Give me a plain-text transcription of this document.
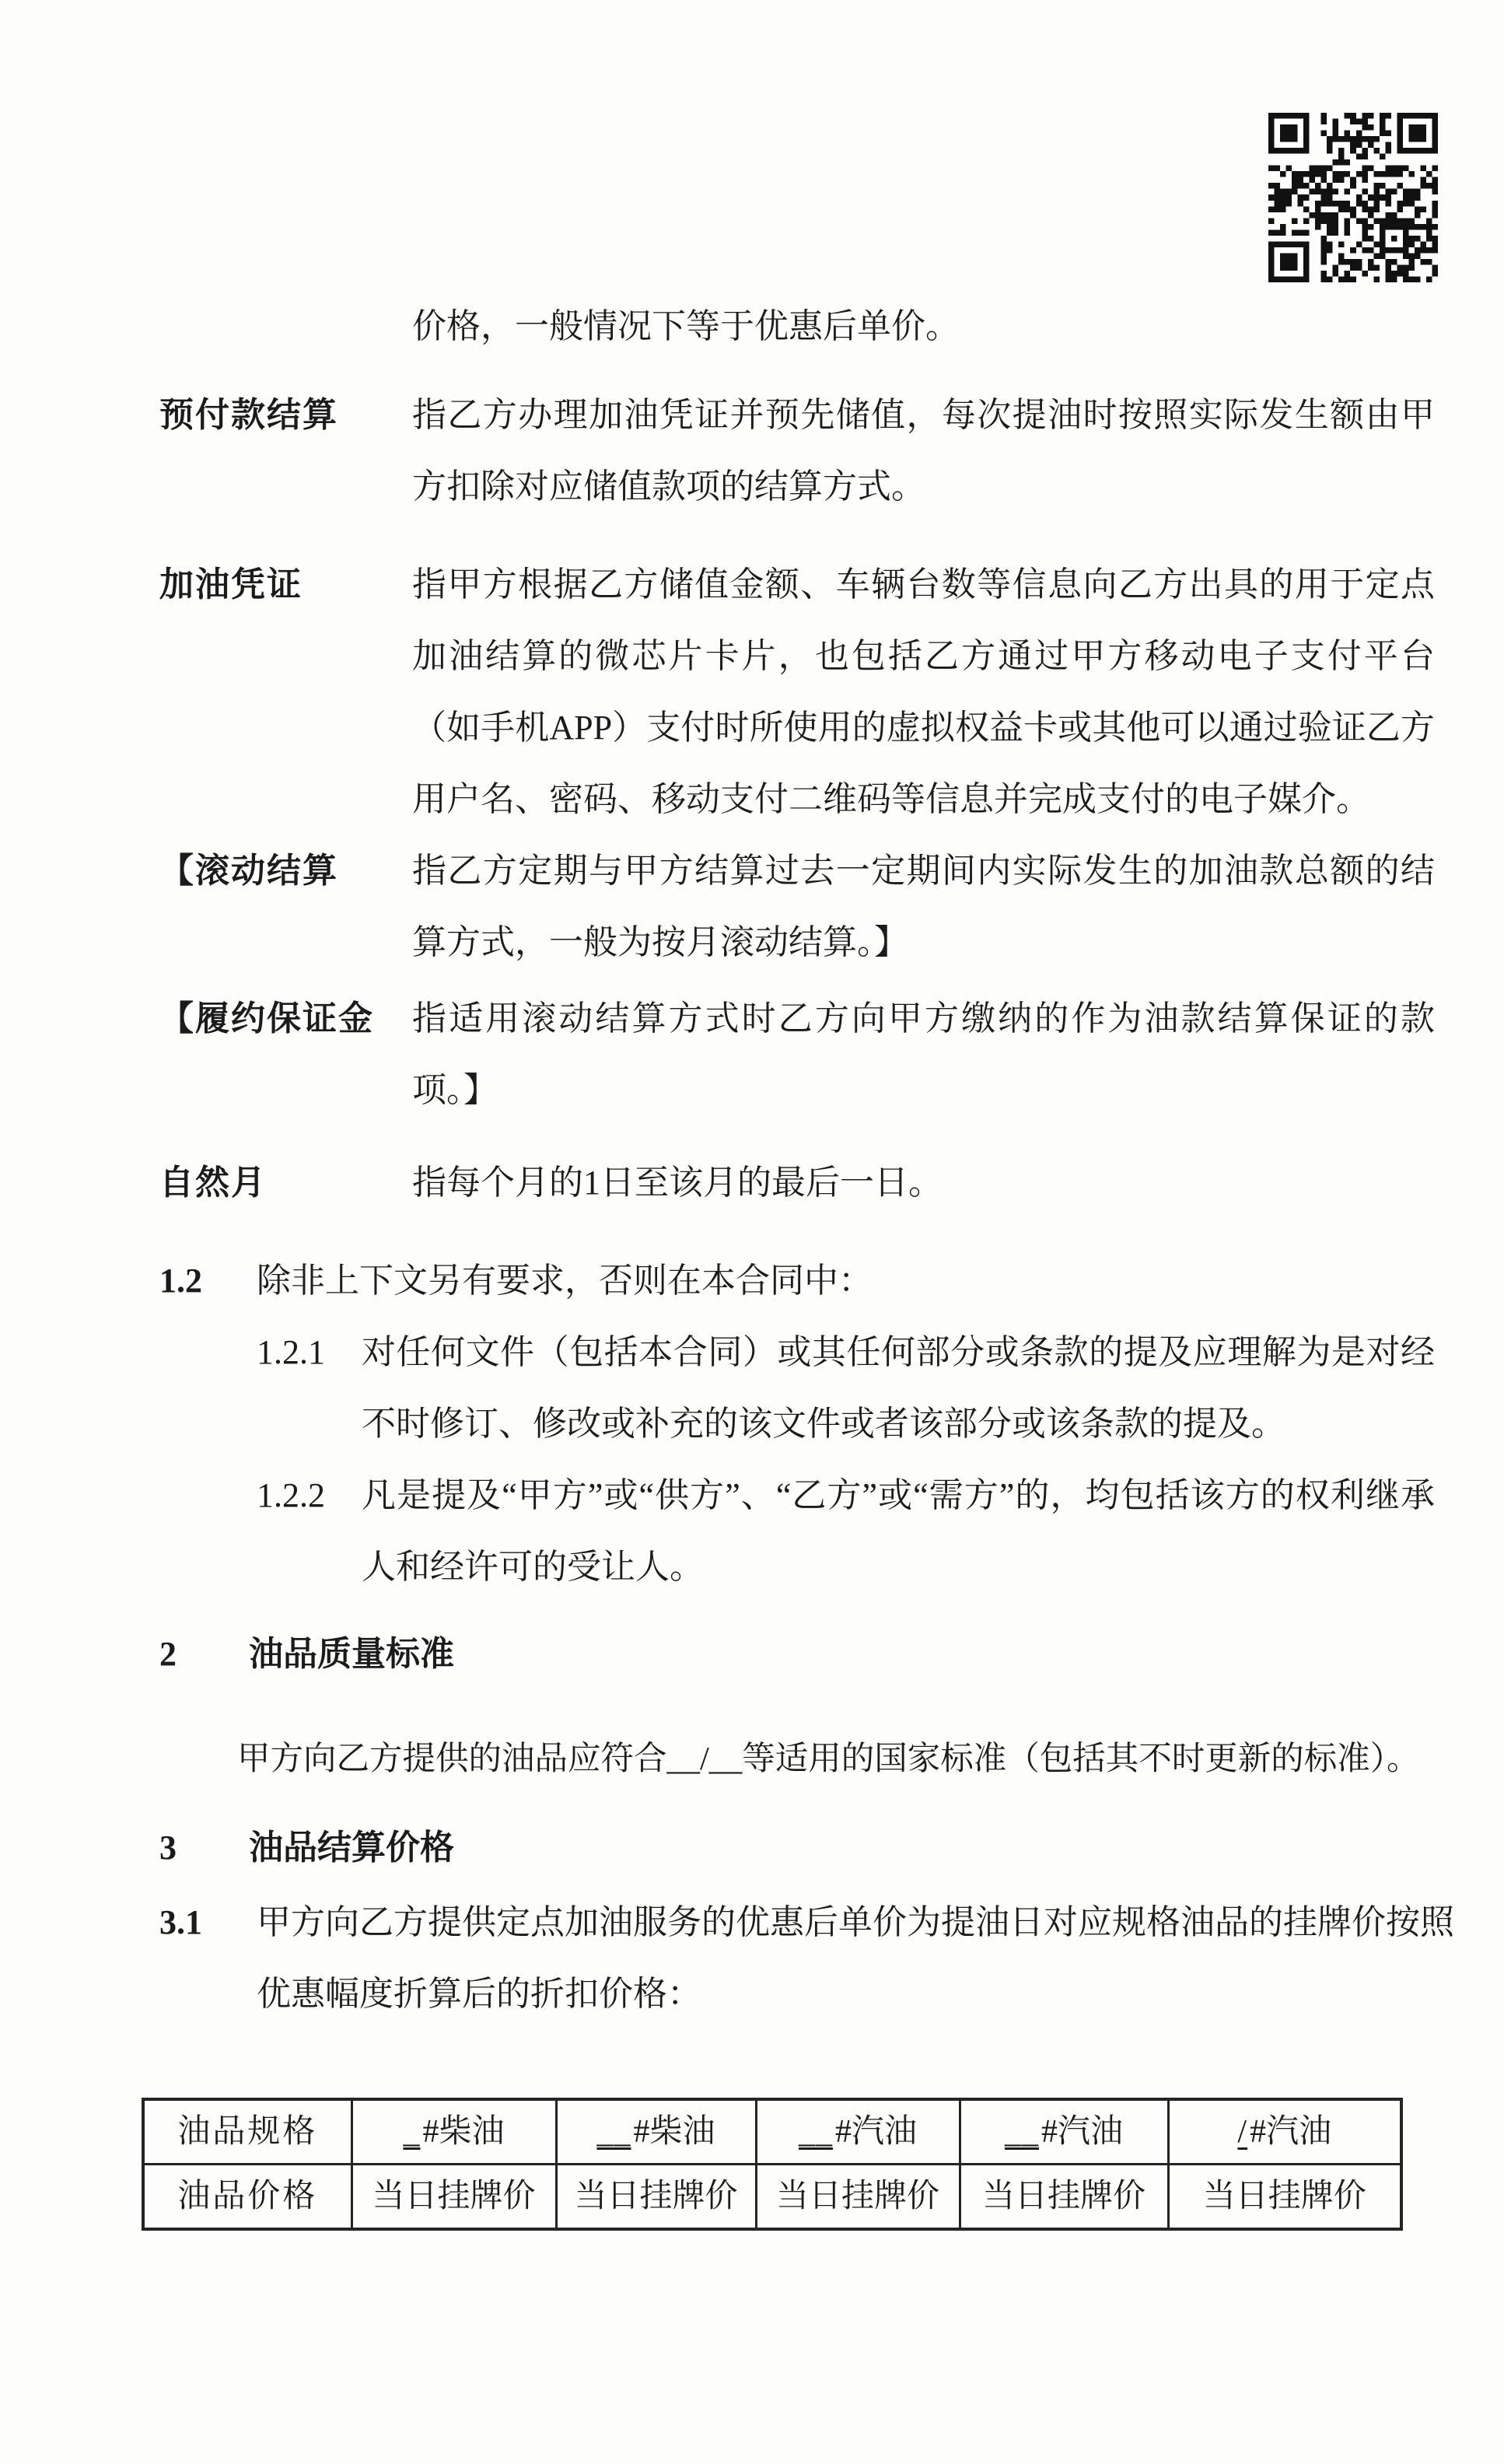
价格，一般情况下等于优惠后单价。
预付款结算	指乙方办理加油凭证并预先储值，每次提油时按照实际发生额由甲方扣除对应储值款项的结算方式。
加油凭证	指甲方根据乙方储值金额、车辆台数等信息向乙方出具的用于定点加油结算的微芯片卡片，也包括乙方通过甲方移动电子支付平台（如手机APP）支付时所使用的虚拟权益卡或其他可以通过验证乙方用户名、密码、移动支付二维码等信息并完成支付的电子媒介。
【滚动结算	指乙方定期与甲方结算过去一定期间内实际发生的加油款总额的结算方式，一般为按月滚动结算。】
【履约保证金	指适用滚动结算方式时乙方向甲方缴纳的作为油款结算保证的款项。】
自然月	指每个月的1日至该月的最后一日。
1.2	除非上下文另有要求，否则在本合同中：
1.2.1	对任何文件（包括本合同）或其任何部分或条款的提及应理解为是对经不时修订、修改或补充的该文件或者该部分或该条款的提及。
1.2.2	凡是提及“甲方”或“供方”、“乙方”或“需方”的，均包括该方的权利继承人和经许可的受让人。
2	油品质量标准
甲方向乙方提供的油品应符合__/__等适用的国家标准（包括其不时更新的标准）。
3	油品结算价格
3.1	甲方向乙方提供定点加油服务的优惠后单价为提油日对应规格油品的挂牌价按照优惠幅度折算后的折扣价格：
油品规格	_#柴油	__#柴油	__#汽油	__#汽油	/#汽油
油品价格	当日挂牌价	当日挂牌价	当日挂牌价	当日挂牌价	当日挂牌价
